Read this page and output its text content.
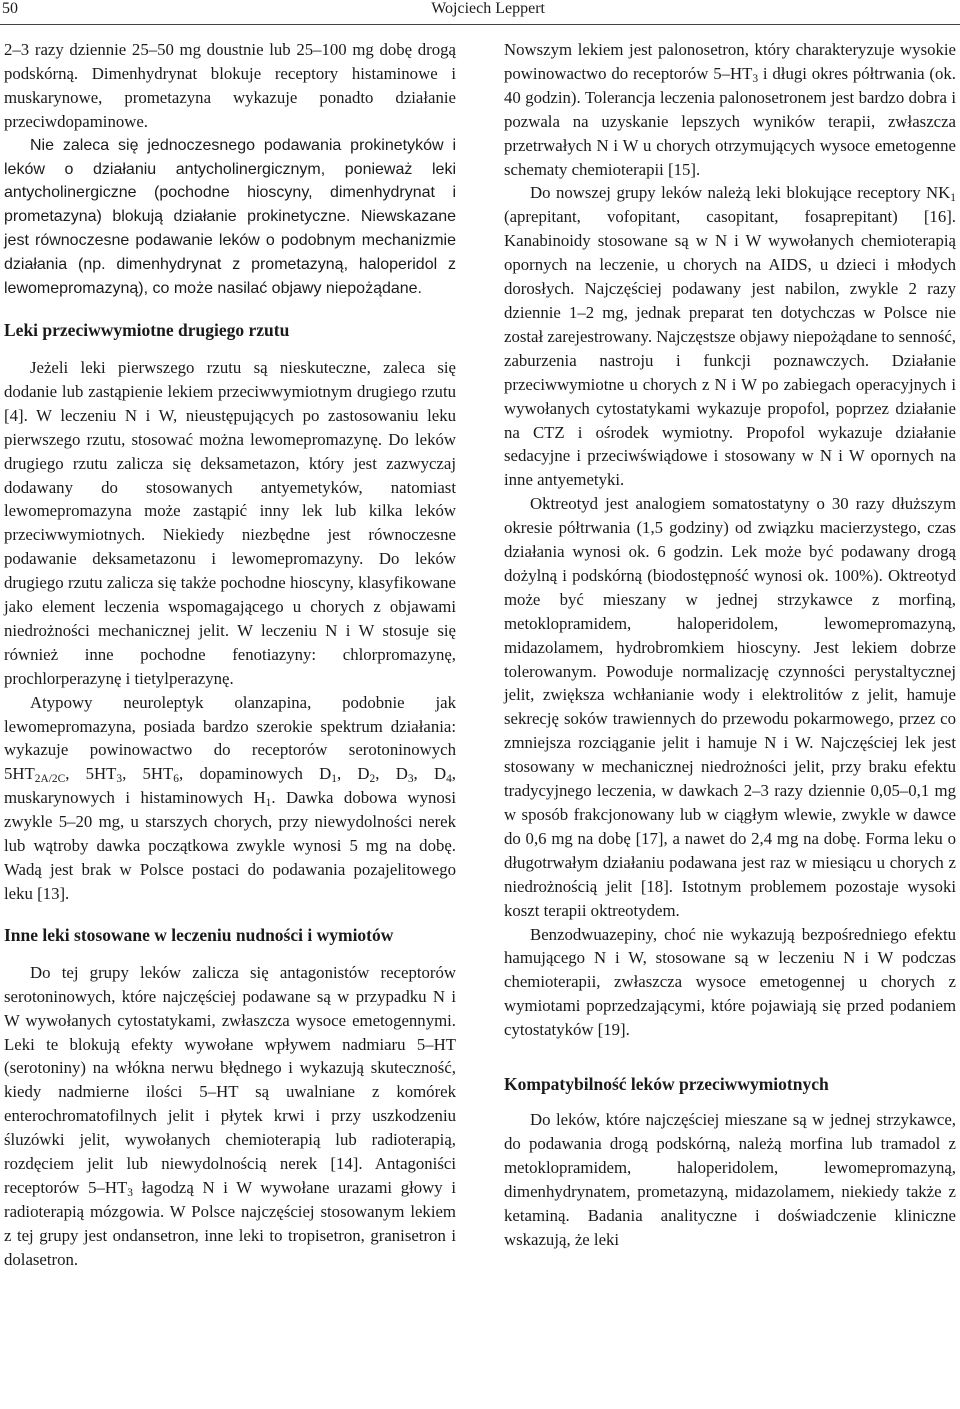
50	Wojciech Leppert

2–3 razy dziennie 25–50 mg doustnie lub 25–100 mg dobę drogą podskórną. Dimenhydrynat blokuje receptory histaminowe i muskarynowe, prometazyna wykazuje ponadto działanie przeciwdopaminowe.

Nie zaleca się jednoczesnego podawania prokinetyków i leków o działaniu antycholinergicznym, ponieważ leki antycholinergiczne (pochodne hioscyny, dimenhydrynat i prometazyna) blokują działanie prokinetyczne. Niewskazane jest równoczesne podawanie leków o podobnym mechanizmie działania (np. dimenhydrynat z prometazyną, haloperidol z lewomepromazyną), co może nasilać objawy niepożądane.

Leki przeciwwymiotne drugiego rzutu

Jeżeli leki pierwszego rzutu są nieskuteczne, zaleca się dodanie lub zastąpienie lekiem przeciwwymiotnym drugiego rzutu [4]. W leczeniu N i W, nieustępujących po zastosowaniu leku pierwszego rzutu, stosować można lewomepromazynę. Do leków drugiego rzutu zalicza się deksametazon, który jest zazwyczaj dodawany do stosowanych antyemetyków, natomiast lewomepromazyna może zastąpić inny lek lub kilka leków przeciwwymiotnych. Niekiedy niezbędne jest równoczesne podawanie deksametazonu i lewomepromazyny. Do leków drugiego rzutu zalicza się także pochodne hioscyny, klasyfikowane jako element leczenia wspomagającego u chorych z objawami niedrożności mechanicznej jelit. W leczeniu N i W stosuje się również inne pochodne fenotiazyny: chlorpromazynę, prochlorperazynę i tietylperazynę.

Atypowy neuroleptyk olanzapina, podobnie jak lewomepromazyna, posiada bardzo szerokie spektrum działania: wykazuje powinowactwo do receptorów serotoninowych $5HT_{2A/2C}$, $5HT_3$, $5HT_6$, dopaminowych $D_1$, $D_2$, $D_3$, $D_4$, muskarynowych i histaminowych $H_1$. Dawka dobowa wynosi zwykle 5–20 mg, u starszych chorych, przy niewydolności nerek lub wątroby dawka początkowa zwykle wynosi 5 mg na dobę. Wadą jest brak w Polsce postaci do podawania pozajelitowego leku [13].

Inne leki stosowane w leczeniu nudności i wymiotów

Do tej grupy leków zalicza się antagonistów receptorów serotoninowych, które najczęściej podawane są w przypadku N i W wywołanych cytostatykami, zwłaszcza wysoce emetogennymi. Leki te blokują efekty wywołane wpływem nadmiaru 5–HT (serotoniny) na włókna nerwu błędnego i wykazują skuteczność, kiedy nadmierne ilości 5–HT są uwalniane z komórek enterochromatofilnych jelit i płytek krwi i przy uszkodzeniu śluzówki jelit, wywołanych chemioterapią lub radioterapią, rozdęciem jelit lub niewydolnością nerek [14]. Antagoniści receptorów $5-HT_3$ łagodzą N i W wywołane urazami głowy i radioterapią mózgowia. W Polsce najczęściej stosowanym lekiem z tej grupy jest ondansetron, inne leki to tropisetron, granisetron i dolasetron.

Nowszym lekiem jest palonosetron, który charakteryzuje wysokie powinowactwo do receptorów $5-HT_3$ i długi okres półtrwania (ok. 40 godzin). Tolerancja leczenia palonosetronem jest bardzo dobra i pozwala na uzyskanie lepszych wyników terapii, zwłaszcza przetrwałych N i W u chorych otrzymujących wysoce emetogenne schematy chemioterapii [15].

Do nowszej grupy leków należą leki blokujące receptory $NK_1$ (aprepitant, vofopitant, casopitant, fosaprepitant) [16]. Kanabinoidy stosowane są w N i W wywołanych chemioterapią opornych na leczenie, u chorych na AIDS, u dzieci i młodych dorosłych. Najczęściej podawany jest nabilon, zwykle 2 razy dziennie 1–2 mg, jednak preparat ten dotychczas w Polsce nie został zarejestrowany. Najczęstsze objawy niepożądane to senność, zaburzenia nastroju i funkcji poznawczych. Działanie przeciwwymiotne u chorych z N i W po zabiegach operacyjnych i wywołanych cytostatykami wykazuje propofol, poprzez działanie na CTZ i ośrodek wymiotny. Propofol wykazuje działanie sedacyjne i przeciwświądowe i stosowany w N i W opornych na inne antyemetyki.

Oktreotyd jest analogiem somatostatyny o 30 razy dłuższym okresie półtrwania (1,5 godziny) od związku macierzystego, czas działania wynosi ok. 6 godzin. Lek może być podawany drogą dożylną i podskórną (biodostępność wynosi ok. 100%). Oktreotyd może być mieszany w jednej strzykawce z morfiną, metoklopramidem, haloperidolem, lewomepromazyną, midazolamem, hydrobromkiem hioscyny. Jest lekiem dobrze tolerowanym. Powoduje normalizację czynności perystaltycznej jelit, zwiększa wchłanianie wody i elektrolitów z jelit, hamuje sekrecję soków trawiennych do przewodu pokarmowego, przez co zmniejsza rozciąganie jelit i hamuje N i W. Najczęściej lek jest stosowany w mechanicznej niedrożności jelit, przy braku efektu tradycyjnego leczenia, w dawkach 2–3 razy dziennie 0,05–0,1 mg w sposób frakcjonowany lub w ciągłym wlewie, zwykle w dawce do 0,6 mg na dobę [17], a nawet do 2,4 mg na dobę. Forma leku o długotrwałym działaniu podawana jest raz w miesiącu u chorych z niedrożnością jelit [18]. Istotnym problemem pozostaje wysoki koszt terapii oktreotydem.

Benzodwuazepiny, choć nie wykazują bezpośredniego efektu hamującego N i W, stosowane są w leczeniu N i W podczas chemioterapii, zwłaszcza wysoce emetogennej u chorych z wymiotami poprzedzającymi, które pojawiają się przed podaniem cytostatyków [19].

Kompatybilność leków przeciwwymiotnych

Do leków, które najczęściej mieszane są w jednej strzykawce, do podawania drogą podskórną, należą morfina lub tramadol z metoklopramidem, haloperidolem, lewomepromazyną, dimenhydrynatem, prometazyną, midazolamem, niekiedy także z ketaminą. Badania analityczne i doświadczenie kliniczne wskazują, że leki
